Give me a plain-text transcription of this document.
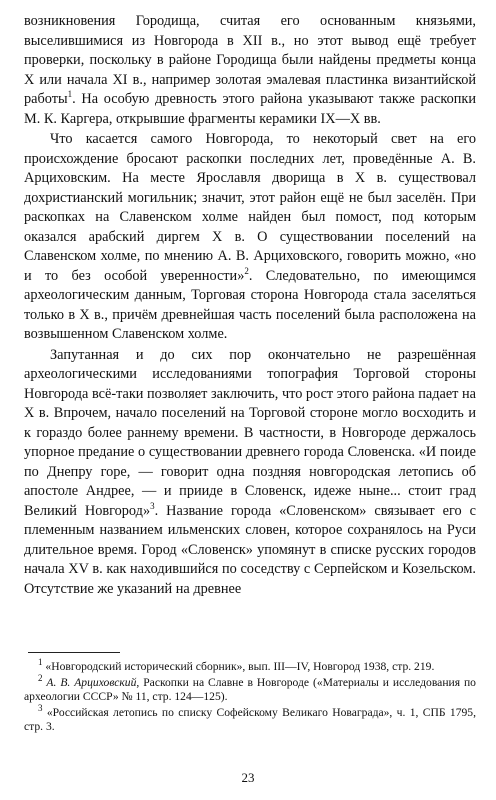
возникновения Городища, считая его основанным князьями, выселившимися из Новгорода в XII в., но этот вывод ещё требует проверки, поскольку в районе Городища были найдены предметы конца X или начала XI в., например золотая эмалевая пластинка византийской работы$^1$. На особую древность этого района указывают также раскопки М. К. Каргера, открывшие фрагменты керамики IX—X вв.

Что касается самого Новгорода, то некоторый свет на его происхождение бросают раскопки последних лет, проведённые А. В. Арциховским. На месте Ярославля дворища в X в. существовал дохристианский могильник; значит, этот район ещё не был заселён. При раскопках на Славенском холме найден был помост, под которым оказался арабский диргем X в. О существовании поселений на Славенском холме, по мнению А. В. Арциховского, говорить можно, «но и то без особой уверенности»$^2$. Следовательно, по имеющимся археологическим данным, Торговая сторона Новгорода стала заселяться только в X в., причём древнейшая часть поселений была расположена на возвышенном Славенском холме.

Запутанная и до сих пор окончательно не разрешённая археологическими исследованиями топография Торговой стороны Новгорода всё-таки позволяет заключить, что рост этого района падает на X в. Впрочем, начало поселений на Торговой стороне могло восходить и к гораздо более раннему времени. В частности, в Новгороде держалось упорное предание о существовании древнего города Словенска. «И поиде по Днепру горе, — говорит одна поздняя новгородская летопись об апостоле Андрее, — и прииде в Словенск, идеже ныне... стоит град Великий Новгород»$^3$. Название города «Словенском» связывает его с племенным названием ильменских словен, которое сохранялось на Руси длительное время. Город «Словенск» упомянут в списке русских городов начала XV в. как находившийся по соседству с Серпейском и Козельском. Отсутствие же указаний на древнее

$^1$ «Новгородский исторический сборник», вып. III—IV, Новгород 1938, стр. 219.

$^2$ А. В. Арциховский, Раскопки на Славне в Новгороде («Материалы и исследования по археологии СССР» № 11, стр. 124—125).

$^3$ «Российская летопись по списку Софейскому Великаго Новаграда», ч. 1, СПБ 1795, стр. 3.

23
